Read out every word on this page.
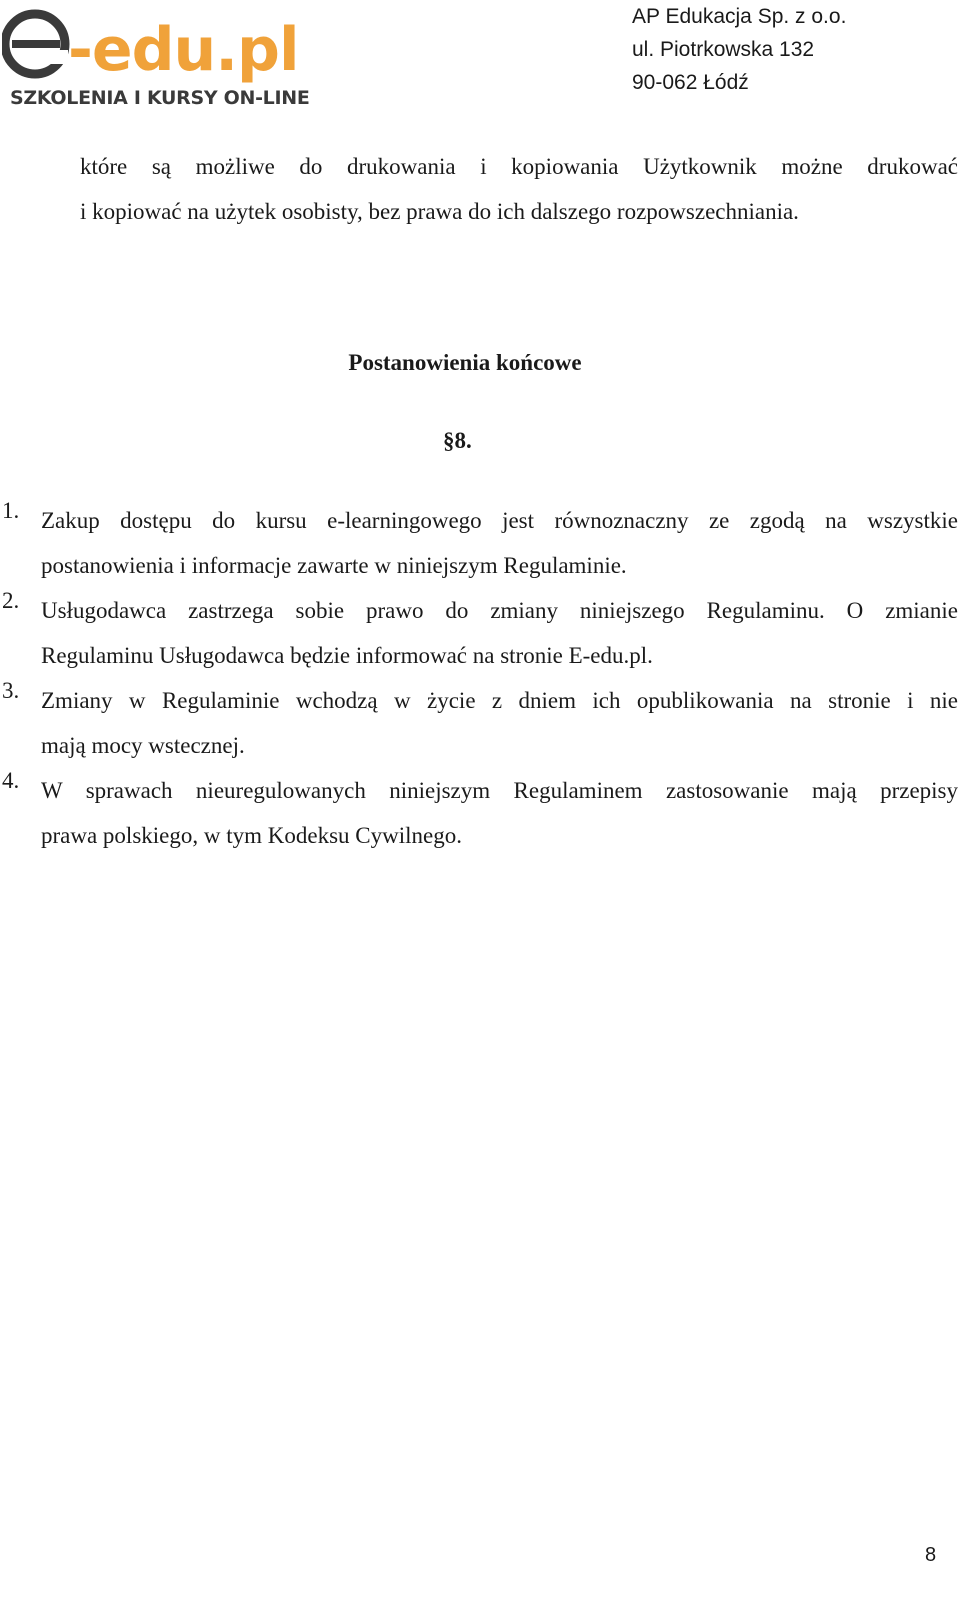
-edu.pl
SZKOLENIA I KURSY ON-LINE
AP Edukacja Sp. z o.o.
ul. Piotrkowska 132
90-062 Łódź
które są możliwe do drukowania i kopiowania Użytkownik możne drukować
i kopiować na użytek osobisty, bez prawa do ich dalszego rozpowszechniania.
Postanowienia końcowe
§8.
1. Zakup dostępu do kursu e-learningowego jest równoznaczny ze zgodą na wszystkie
postanowienia i informacje zawarte w niniejszym Regulaminie.
2. Usługodawca zastrzega sobie prawo do zmiany niniejszego Regulaminu. O zmianie
Regulaminu Usługodawca będzie informować na stronie E-edu.pl.
3. Zmiany w Regulaminie wchodzą w życie z dniem ich opublikowania na stronie i nie
mają mocy wstecznej.
4. W sprawach nieuregulowanych niniejszym Regulaminem zastosowanie mają przepisy
prawa polskiego, w tym Kodeksu Cywilnego.
8
